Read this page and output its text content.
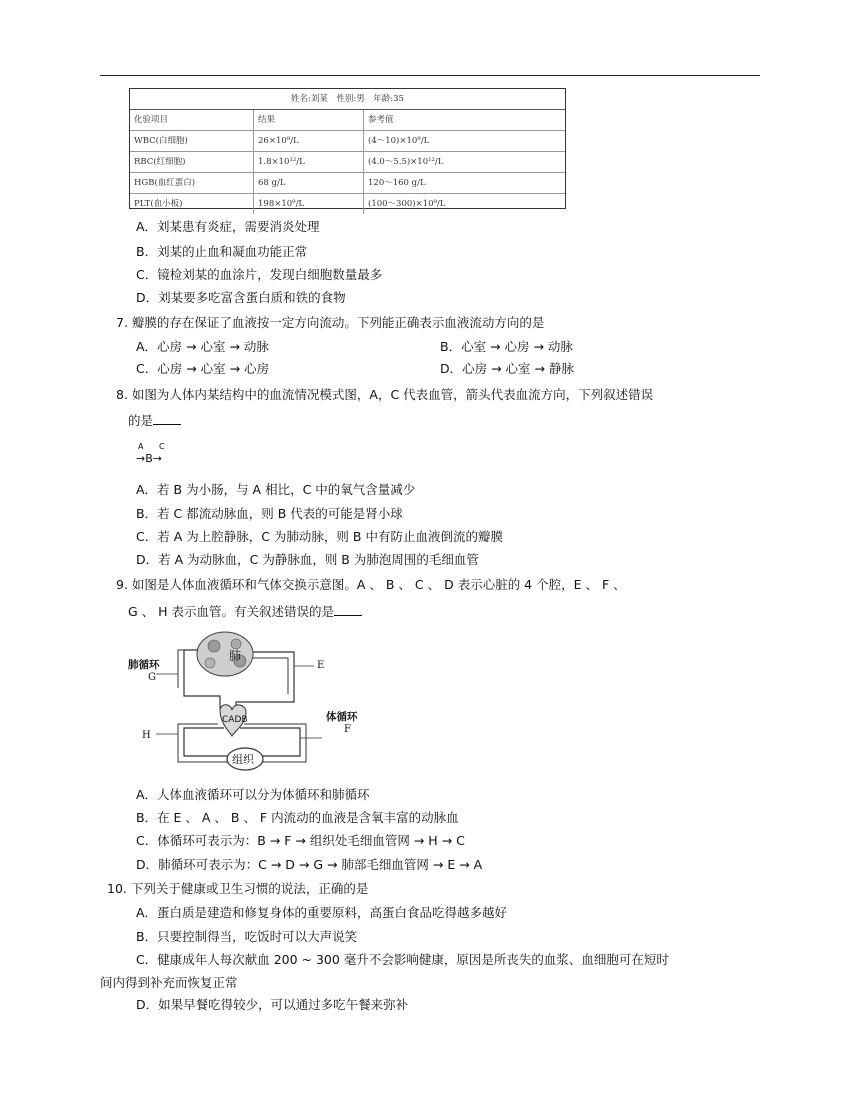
姓名:刘某　性别:男　年龄:35
化验项目	结果	参考值
WBC(白细胞)	26×10⁹/L	(4～10)×10⁹/L
RBC(红细胞)	1.8×10¹²/L	(4.0～5.5)×10¹²/L
HGB(血红蛋白)	68 g/L	120～160 g/L
PLT(血小板)	198×10⁹/L	(100～300)×10⁹/L
A．刘某患有炎症，需要消炎处理
B．刘某的止血和凝血功能正常
C．镜检刘某的血涂片，发现白细胞数量最多
D．刘某要多吃富含蛋白质和铁的食物
7. 瓣膜的存在保证了血液按一定方向流动。下列能正确表示血液流动方向的是
A．心房 → 心室 → 动脉	B．心室 → 心房 → 动脉
C．心房 → 心室 → 心房	D．心房 → 心室 → 静脉
8. 如图为人体内某结构中的血流情况模式图，A，C 代表血管，箭头代表血流方向，下列叙述错误
的是
A C
→B→
A．若 B 为小肠，与 A 相比，C 中的氧气含量减少
B．若 C 都流动脉血，则 B 代表的可能是肾小球
C．若 A 为上腔静脉，C 为肺动脉，则 B 中有防止血液倒流的瓣膜
D．若 A 为动脉血，C 为静脉血，则 B 为肺泡周围的毛细血管
9. 如图是人体血液循环和气体交换示意图。A 、 B 、 C 、 D 表示心脏的 4 个腔，E 、 F 、
G 、 H 表示血管。有关叙述错误的是
肺
CADB
组织
肺循环
G
E
体循环
F
H
A．人体血液循环可以分为体循环和肺循环
B．在 E 、 A 、 B 、 F 内流动的血液是含氧丰富的动脉血
C．体循环可表示为：B → F → 组织处毛细血管网 → H → C
D．肺循环可表示为：C → D → G → 肺部毛细血管网 → E → A
10. 下列关于健康或卫生习惯的说法，正确的是
A．蛋白质是建造和修复身体的重要原料，高蛋白食品吃得越多越好
B．只要控制得当，吃饭时可以大声说笑
C．健康成年人每次献血 200 ~ 300 毫升不会影响健康，原因是所丧失的血浆、血细胞可在短时
间内得到补充而恢复正常
D．如果早餐吃得较少，可以通过多吃午餐来弥补
